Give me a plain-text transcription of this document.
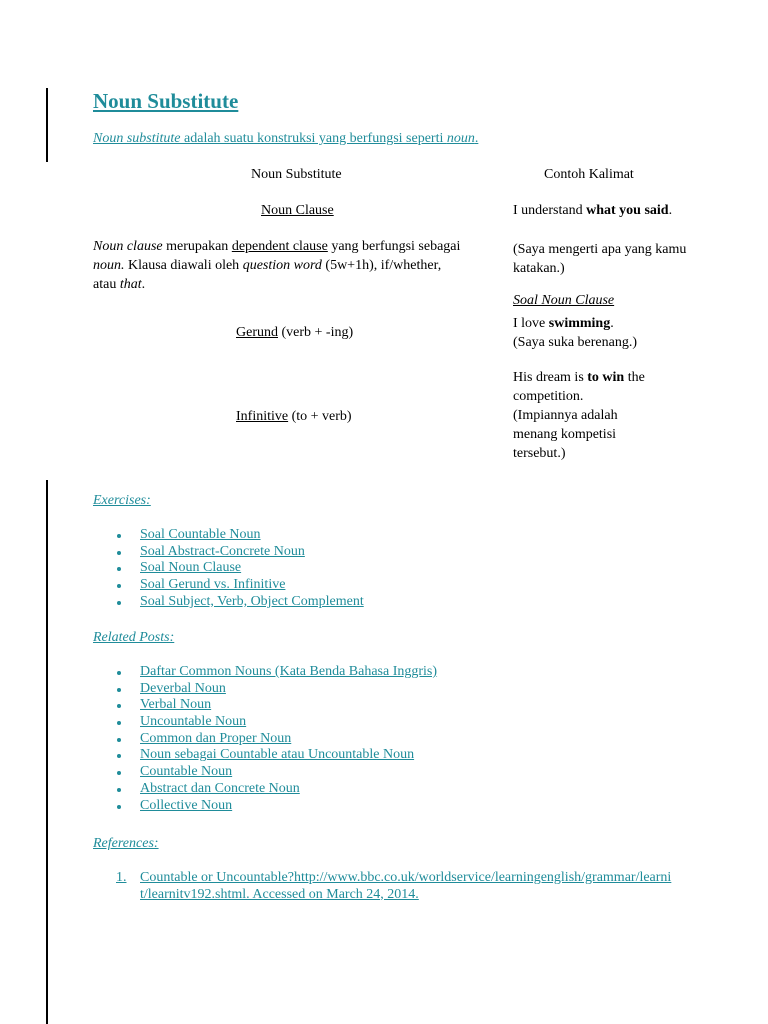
Noun Substitute
Noun substitute adalah suatu konstruksi yang berfungsi seperti noun.
Noun Substitute	Contoh Kalimat
Noun Clause
Noun clause merupakan dependent clause yang berfungsi sebagai noun. Klausa diawali oleh question word (5w+1h), if/whether, atau that.
I understand what you said.
(Saya mengerti apa yang kamu katakan.)
Soal Noun Clause
Gerund (verb + -ing)
I love swimming.
(Saya suka berenang.)
Infinitive (to + verb)
His dream is to win the competition.
(Impiannya adalah menang kompetisi tersebut.)
Exercises:
Soal Countable Noun
Soal Abstract-Concrete Noun
Soal Noun Clause
Soal Gerund vs. Infinitive
Soal Subject, Verb, Object Complement
Related Posts:
Daftar Common Nouns (Kata Benda Bahasa Inggris)
Deverbal Noun
Verbal Noun
Uncountable Noun
Common dan Proper Noun
Noun sebagai Countable atau Uncountable Noun
Countable Noun
Abstract dan Concrete Noun
Collective Noun
References:
1. Countable or Uncountable?http://www.bbc.co.uk/worldservice/learningenglish/grammar/learnit/learnitv192.shtml. Accessed on March 24, 2014.
